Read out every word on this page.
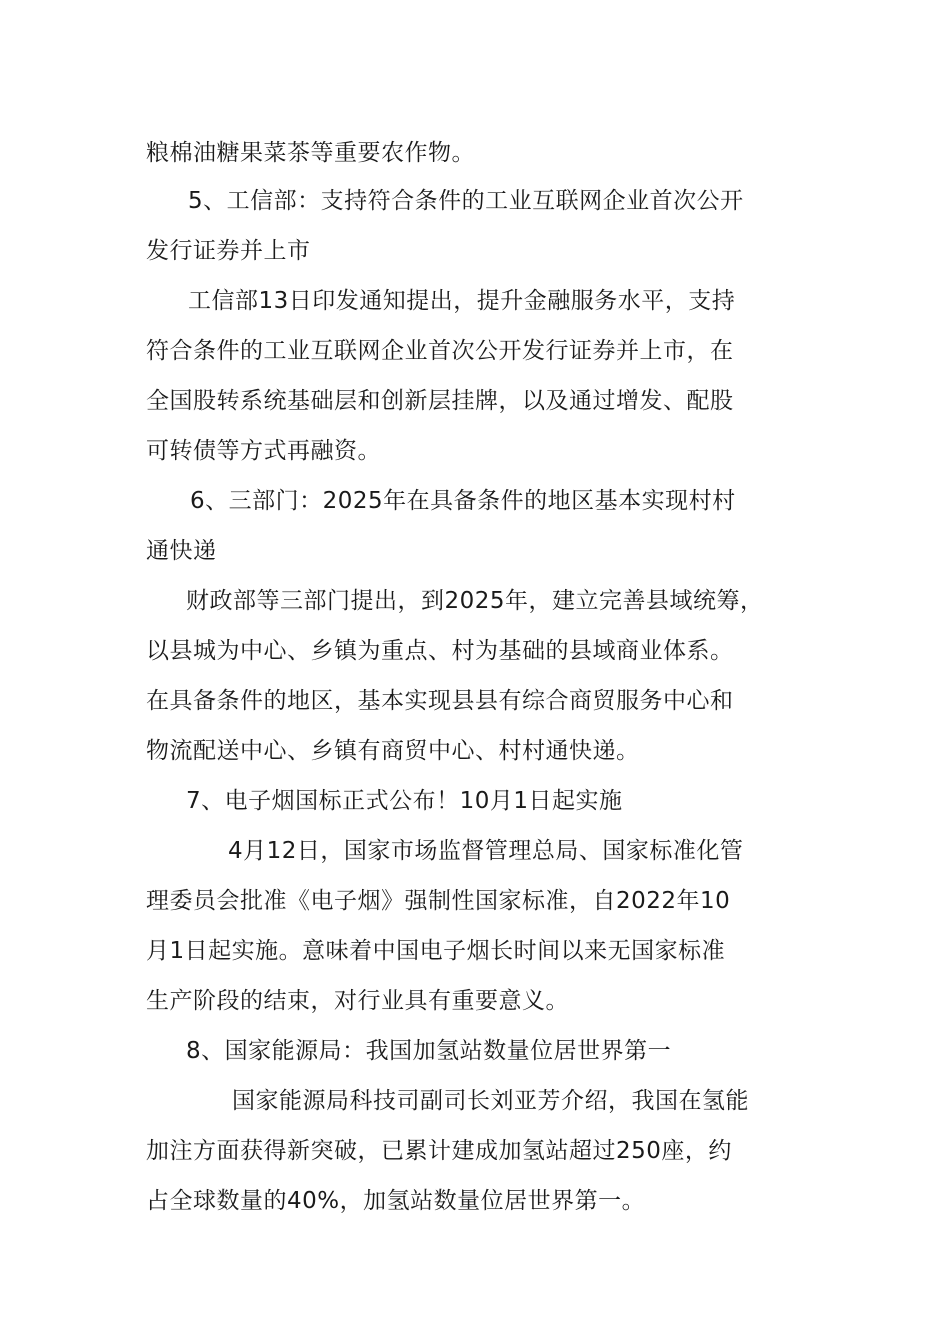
粮棉油糖果菜茶等重要农作物。
5、工信部：支持符合条件的工业互联网企业首次公开
发行证券并上市
工信部13日印发通知提出，提升金融服务水平，支持
符合条件的工业互联网企业首次公开发行证券并上市，在
全国股转系统基础层和创新层挂牌，以及通过增发、配股
可转债等方式再融资。
6、三部门：2025年在具备条件的地区基本实现村村
通快递
财政部等三部门提出，到2025年，建立完善县域统筹，
以县城为中心、乡镇为重点、村为基础的县域商业体系。
在具备条件的地区，基本实现县县有综合商贸服务中心和
物流配送中心、乡镇有商贸中心、村村通快递。
7、电子烟国标正式公布！10月1日起实施
4月12日，国家市场监督管理总局、国家标准化管
理委员会批准《电子烟》强制性国家标准，自2022年10
月1日起实施。意味着中国电子烟长时间以来无国家标准
生产阶段的结束，对行业具有重要意义。
8、国家能源局：我国加氢站数量位居世界第一
国家能源局科技司副司长刘亚芳介绍，我国在氢能
加注方面获得新突破，已累计建成加氢站超过250座，约
占全球数量的40%，加氢站数量位居世界第一。
